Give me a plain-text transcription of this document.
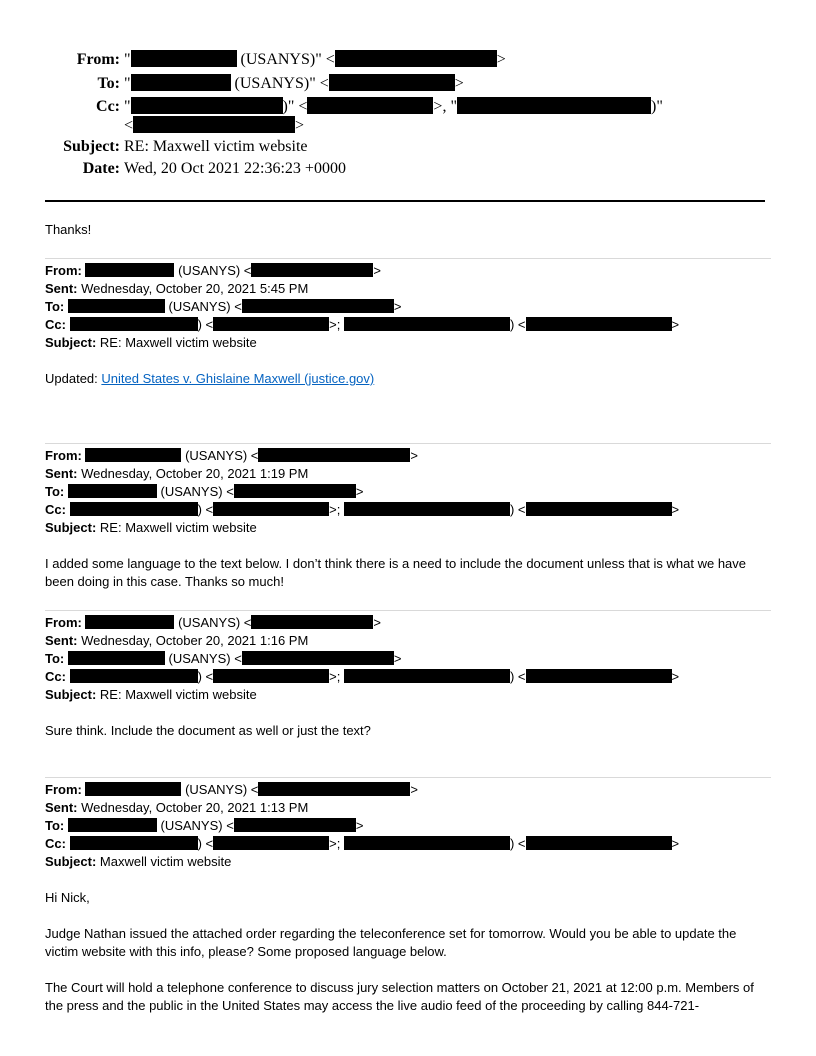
From: "	(USANYS)" <	>
To: "	(USANYS)" <	>
Cc: "	)" <	>, "	)"
<	>
Subject: RE: Maxwell victim website
Date: Wed, 20 Oct 2021 22:36:23 +0000
Thanks!
From:	(USANYS) <	>
Sent: Wednesday, October 20, 2021 5:45 PM
To:	(USANYS) <	>
Cc:	) <	>;	) <	>
Subject: RE: Maxwell victim website
Updated: United States v. Ghislaine Maxwell (justice.gov)
From:	(USANYS) <	>
Sent: Wednesday, October 20, 2021 1:19 PM
To:	(USANYS) <	>
Cc:	) <	>;	) <	>
Subject: RE: Maxwell victim website
I added some language to the text below. I don’t think there is a need to include the document unless that is what we have been doing in this case. Thanks so much!
From:	(USANYS) <	>
Sent: Wednesday, October 20, 2021 1:16 PM
To:	(USANYS) <	>
Cc:	) <	>;	) <	>
Subject: RE: Maxwell victim website
Sure think. Include the document as well or just the text?
From:	(USANYS) <	>
Sent: Wednesday, October 20, 2021 1:13 PM
To:	(USANYS) <	>
Cc:	) <	>;	) <	>
Subject: Maxwell victim website
Hi Nick,
Judge Nathan issued the attached order regarding the teleconference set for tomorrow. Would you be able to update the victim website with this info, please? Some proposed language below.
The Court will hold a telephone conference to discuss jury selection matters on October 21, 2021 at 12:00 p.m. Members of the press and the public in the United States may access the live audio feed of the proceeding by calling 844-721-
